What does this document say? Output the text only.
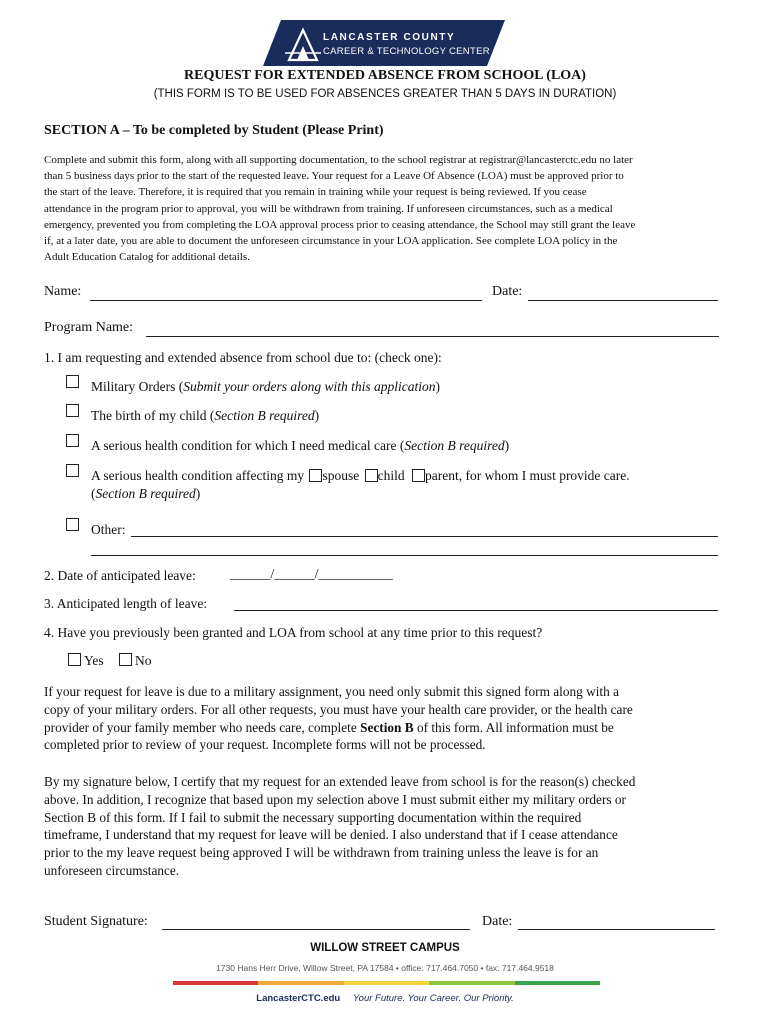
LANCASTER COUNTY
CAREER & TECHNOLOGY CENTER
REQUEST FOR EXTENDED ABSENCE FROM SCHOOL (LOA)
(THIS FORM IS TO BE USED FOR ABSENCES GREATER THAN 5 DAYS IN DURATION)
SECTION A – To be completed by Student (Please Print)
Complete and submit this form, along with all supporting documentation, to the school registrar at registrar@lancasterctc.edu no later
than 5 business days prior to the start of the requested leave. Your request for a Leave Of Absence (LOA) must be approved prior to
the start of the leave. Therefore, it is required that you remain in training while your request is being reviewed. If you cease
attendance in the program prior to approval, you will be withdrawn from training. If unforeseen circumstances, such as a medical
emergency, prevented you from completing the LOA approval process prior to ceasing attendance, the School may still grant the leave
if, at a later date, you are able to document the unforeseen circumstance in your LOA application. See complete LOA policy in the
Adult Education Catalog for additional details.
Name:	Date:
Program Name:
1. I am requesting and extended absence from school due to: (check one):
Military Orders (Submit your orders along with this application)
The birth of my child (Section B required)
A serious health condition for which I need medical care (Section B required)
A serious health condition affecting my spouse child parent, for whom I must provide care.
(Section B required)
Other:
2. Date of anticipated leave:	______/______/___________
3. Anticipated length of leave:
4. Have you previously been granted and LOA from school at any time prior to this request?
Yes No
If your request for leave is due to a military assignment, you need only submit this signed form along with a
copy of your military orders. For all other requests, you must have your health care provider, or the health care
provider of your family member who needs care, complete Section B of this form. All information must be
completed prior to review of your request. Incomplete forms will not be processed.
By my signature below, I certify that my request for an extended leave from school is for the reason(s) checked
above. In addition, I recognize that based upon my selection above I must submit either my military orders or
Section B of this form. If I fail to submit the necessary supporting documentation within the required
timeframe, I understand that my request for leave will be denied. I also understand that if I cease attendance
prior to the my leave request being approved I will be withdrawn from training unless the leave is for an
unforeseen circumstance.
Student Signature:	Date:
WILLOW STREET CAMPUS
1730 Hans Herr Drive, Willow Street, PA 17584 • office: 717.464.7050 • fax: 717.464.9518
LancasterCTC.edu Your Future. Your Career. Our Priority.
